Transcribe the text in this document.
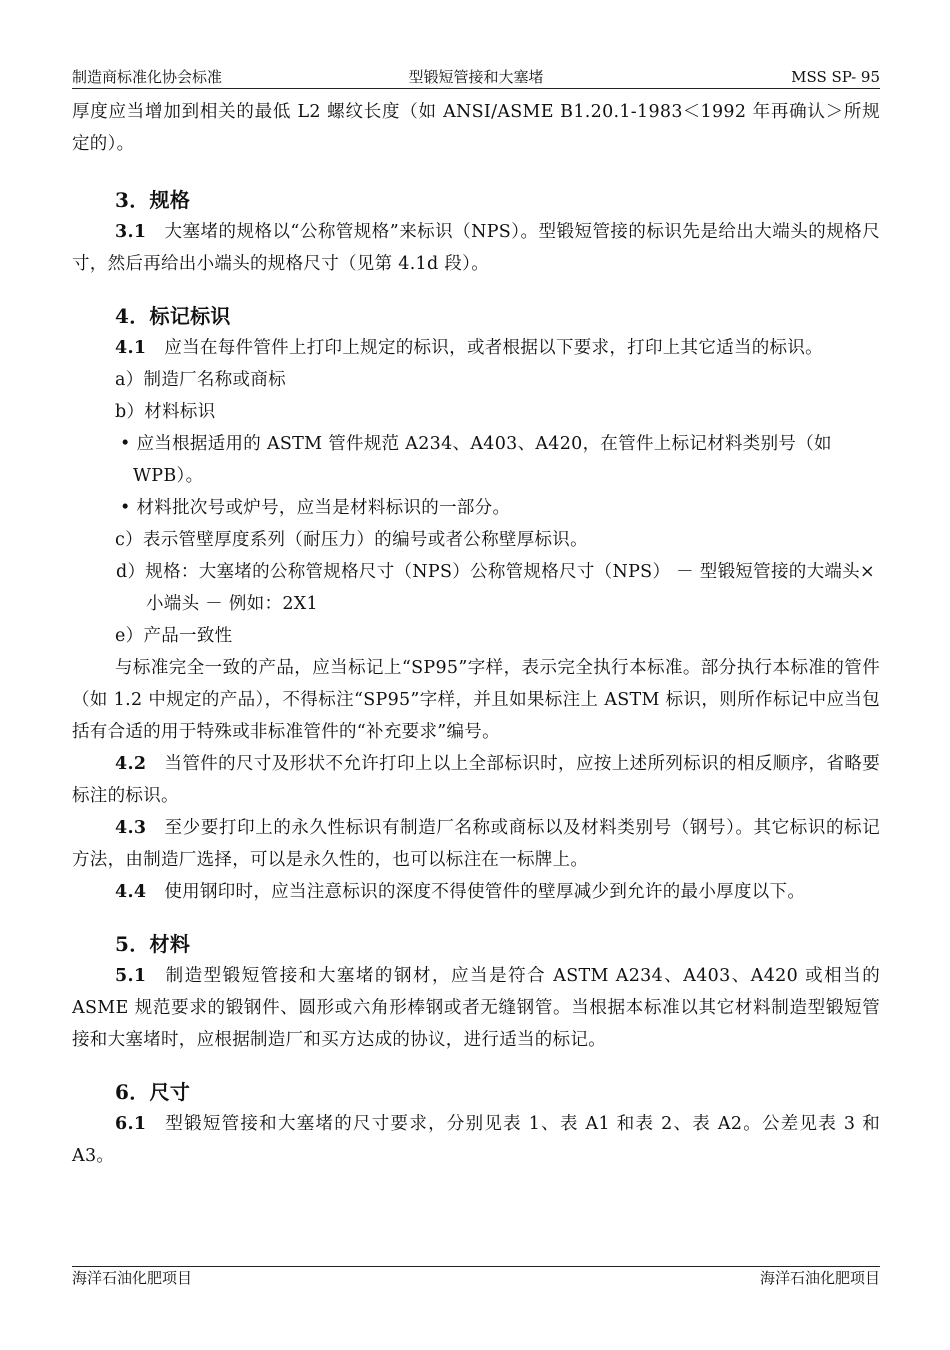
制造商标准化协会标准	型锻短管接和大塞堵	MSS SP- 95

厚度应当增加到相关的最低 L2 螺纹长度（如 ANSI/ASME B1.20.1-1983＜1992 年再确认＞所规定的）。

3．规格

3.1 大塞堵的规格以“公称管规格”来标识（NPS）。型锻短管接的标识先是给出大端头的规格尺寸，然后再给出小端头的规格尺寸（见第 4.1d 段）。

4．标记标识

4.1 应当在每件管件上打印上规定的标识，或者根据以下要求，打印上其它适当的标识。

a）制造厂名称或商标

b）材料标识

• 应当根据适用的 ASTM 管件规范 A234、A403、A420，在管件上标记材料类别号（如 WPB）。

• 材料批次号或炉号，应当是材料标识的一部分。

c）表示管壁厚度系列（耐压力）的编号或者公称壁厚标识。

d）规格：大塞堵的公称管规格尺寸（NPS）公称管规格尺寸（NPS） － 型锻短管接的大端头×小端头 － 例如：2X1

e）产品一致性

与标准完全一致的产品，应当标记上“SP95”字样，表示完全执行本标准。部分执行本标准的管件（如 1.2 中规定的产品），不得标注“SP95”字样，并且如果标注上 ASTM 标识，则所作标记中应当包括有合适的用于特殊或非标准管件的“补充要求”编号。

4.2 当管件的尺寸及形状不允许打印上以上全部标识时，应按上述所列标识的相反顺序，省略要标注的标识。

4.3 至少要打印上的永久性标识有制造厂名称或商标以及材料类别号（钢号）。其它标识的标记方法，由制造厂选择，可以是永久性的，也可以标注在一标牌上。

4.4 使用钢印时，应当注意标识的深度不得使管件的壁厚减少到允许的最小厚度以下。

5．材料

5.1 制造型锻短管接和大塞堵的钢材，应当是符合 ASTM A234、A403、A420 或相当的 ASME 规范要求的锻钢件、圆形或六角形棒钢或者无缝钢管。当根据本标准以其它材料制造型锻短管接和大塞堵时，应根据制造厂和买方达成的协议，进行适当的标记。

6．尺寸

6.1 型锻短管接和大塞堵的尺寸要求，分别见表 1、表 A1 和表 2、表 A2。公差见表 3 和 A3。

海洋石油化肥项目	海洋石油化肥项目
